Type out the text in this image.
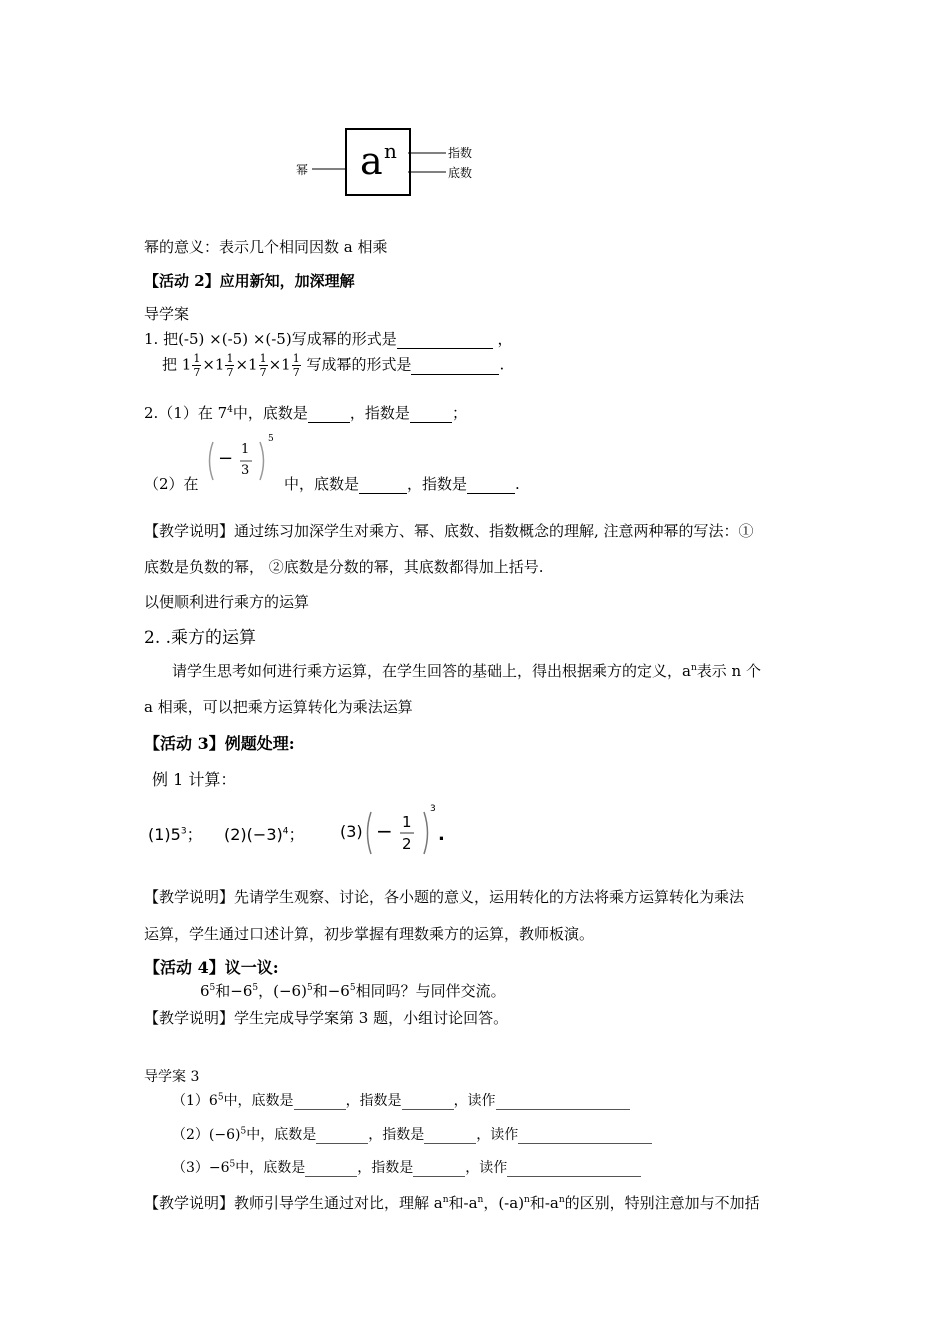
a n
幂
指数
底数
幂的意义：表示几个相同因数 a 相乘
【活动 2】应用新知，加深理解
导学案
1. 把(-5) ×(-5) ×(-5)写成幂的形式是	，
把 $1 \frac{1}{7} \times 1 \frac{1}{7} \times 1 \frac{1}{7} \times 1 \frac{1}{7}$ 写成幂的形式是	.
2.（1）在 $7^4$中，底数是	，指数是	；
（2）在
− 1
3
5
中，底数是	，指数是	.
【教学说明】通过练习加深学生对乘方、幂、底数、指数概念的理解, 注意两种幂的写法：①
底数是负数的幂， ②底数是分数的幂，其底数都得加上括号.
以便顺利进行乘方的运算
2. .乘方的运算
请学生思考如何进行乘方运算，在学生回答的基础上，得出根据乘方的定义，$a^n$表示 n 个
a 相乘，可以把乘方运算转化为乘法运算
【活动 3】例题处理:
例 1 计算：
$(1)5^3$； $(2)(-3)^4$； (3) − 1
2
3
.
【教学说明】先请学生观察、讨论，各小题的意义，运用转化的方法将乘方运算转化为乘法
运算，学生通过口述计算，初步掌握有理数乘方的运算，教师板演。
【活动 4】议一议:
$6^5$和$-6^5$，$(-6)^5$和$-6^5$相同吗？与同伴交流。
【教学说明】学生完成导学案第 3 题，小组讨论回答。
导学案 3
$(1)6^5$中，底数是	，指数是	，读作
$(2)(-6)^5$中，底数是	，指数是	，读作
$(3)-6^5$中，底数是	，指数是	，读作
【教学说明】教师引导学生通过对比，理解 $a^n$和$-a^n$，$(-a)^n$和$-a^n$的区别，特别注意加与不加括
